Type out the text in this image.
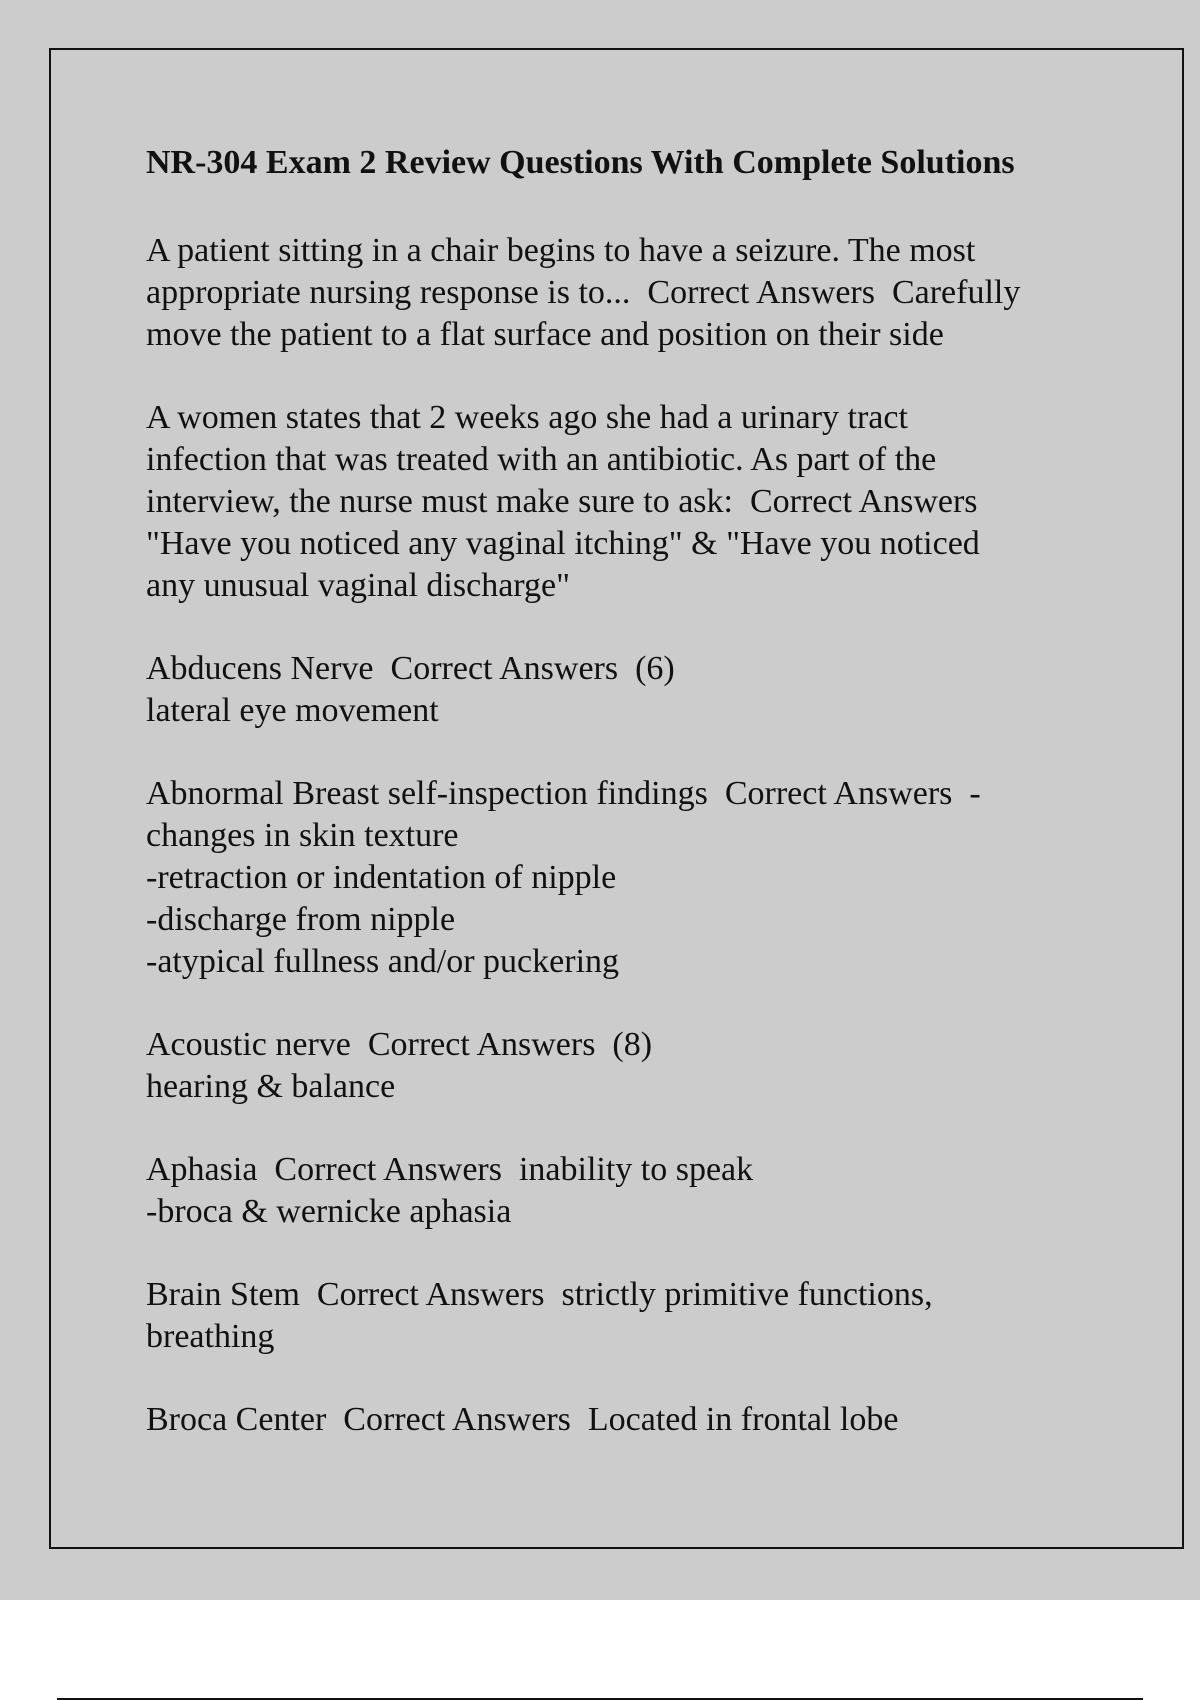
NR-304 Exam 2 Review Questions With Complete Solutions
A patient sitting in a chair begins to have a seizure. The most
appropriate nursing response is to...  Correct Answers  Carefully
move the patient to a flat surface and position on their side
A women states that 2 weeks ago she had a urinary tract
infection that was treated with an antibiotic. As part of the
interview, the nurse must make sure to ask:  Correct Answers
"Have you noticed any vaginal itching" & "Have you noticed
any unusual vaginal discharge"
Abducens Nerve  Correct Answers  (6)
lateral eye movement
Abnormal Breast self-inspection findings  Correct Answers  -
changes in skin texture
-retraction or indentation of nipple
-discharge from nipple
-atypical fullness and/or puckering
Acoustic nerve  Correct Answers  (8)
hearing & balance
Aphasia  Correct Answers  inability to speak
-broca & wernicke aphasia
Brain Stem  Correct Answers  strictly primitive functions,
breathing
Broca Center  Correct Answers  Located in frontal lobe
